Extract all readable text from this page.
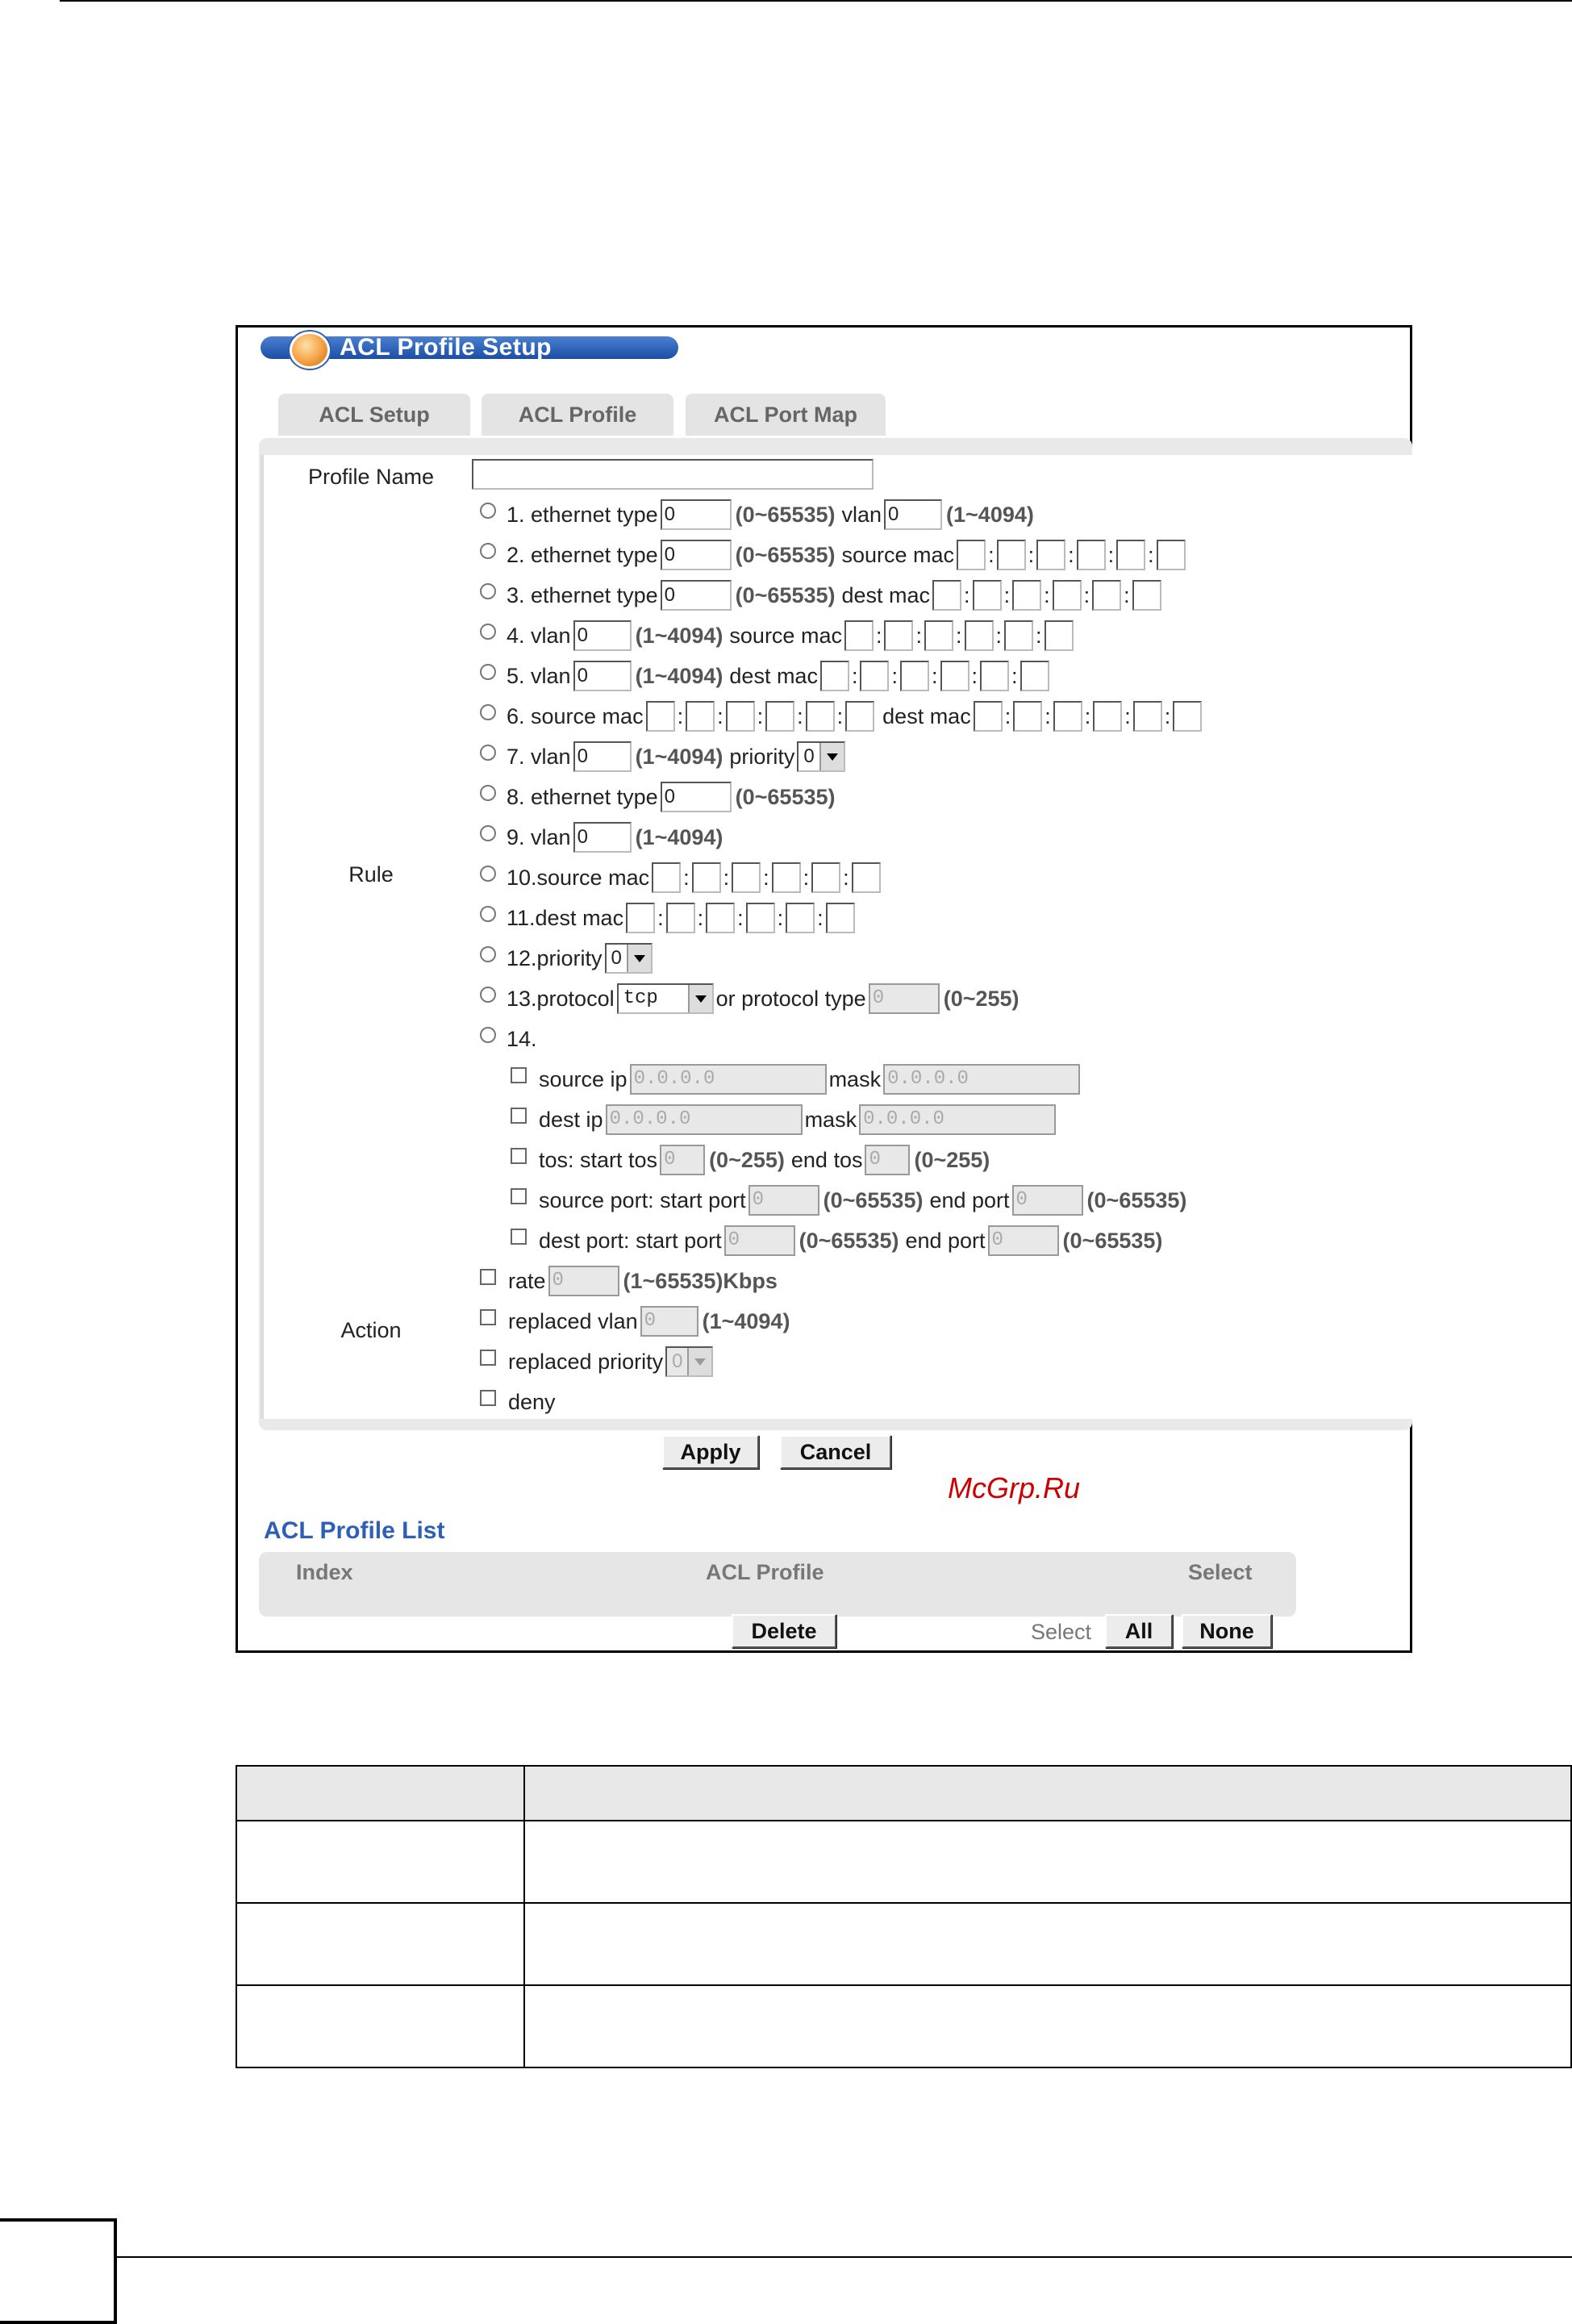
ACL Profile Setup
ACL Setup	ACL Profile	ACL Port Map
Profile Name
Rule
1. ethernet type 0	(0~65535) vlan 0	(1~4094)
2. ethernet type 0	(0~65535) source mac : : : : :
3. ethernet type 0	(0~65535) dest mac : : : : :
4. vlan 0	(1~4094) source mac : : : : :
5. vlan 0	(1~4094) dest mac : : : : :
6. source mac : : : : : dest mac : : : : :
7. vlan 0	(1~4094) priority 0
8. ethernet type 0	(0~65535)
9. vlan 0	(1~4094)
10.source mac : : : : :
11.dest mac : : : : :
12.priority 0
13.protocol tcp	or protocol type 0	(0~255)
14.
source ip 0.0.0.0	mask 0.0.0.0
dest ip 0.0.0.0	mask 0.0.0.0
tos: start tos 0	(0~255) end tos 0	(0~255)
source port: start port 0	(0~65535) end port 0	(0~65535)
dest port: start port 0	(0~65535) end port 0	(0~65535)
Action
rate 0	(1~65535)Kbps
replaced vlan 0	(1~4094)
replaced priority 0
deny
Apply	Cancel
McGrp.Ru
ACL Profile List
Index	ACL Profile	Select
Delete	Select	All	None
